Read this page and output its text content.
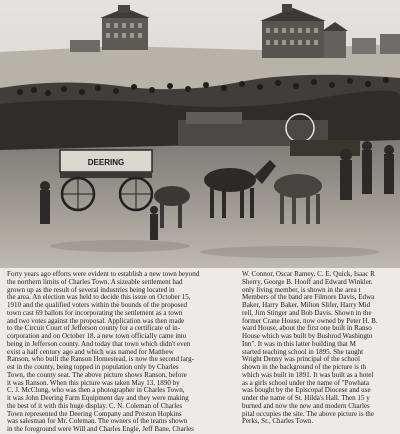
DEERING

Forty years ago efforts were evident to establish a new town beyond

the northern limits of Charles Town. A sizeable settlement had

grown up as the result of several industries being located in

the area. An election was held to decide this issue on October 15,

1910 and the qualified voters within the bounds of the proposed

town cast 69 ballots for incorporating the settlement as a town

and two votes against the proposal. Application was then made

to the Circuit Court of Jefferson county for a certificate of in-

corporation and on October 18, a new town officially came into

being in Jefferson county. And today that town which didn't even

exist a half century ago and which was named for Matthew

Ranson, who built the Ranson Homestead, is now the second larg-

est in the county, being topped in population only by Charles

Town, the county seat. The above picture shows Ranson, before

it was Ranson. When this picture was taken May 13, 1890 by

C. J. McClung, who was then a photographer in Charles Town,

it was John Deering Farm Equipment day and they were making

the best of it with this huge display. C. N. Coleman of Charles

Town represented the Deering Company and Preston Hopkins

was salesman for Mr. Coleman. The owners of the teams shown

in the foreground were Will and Charles Engle, Jeff Bane, Charles

W. Connor, Oscar Ramey, C. E. Quick, Isaac R

Sherry, George B. Hooff and Edward Winkler.

only living member, is shown in the area t

Members of the band are Filmore Davis, Edwa

Baker, Harry Baker, Milton Slifer, Harry Mid

rell, Jim Stinger and Bob Davis. Shown in the

former Crane House, now owned by Peter H. B.

ward House, about the first one built in Ranso

House which was built by Bushrod Washingto

Inn". It was in this latter building that M

started teaching school in 1895. She taught

Wright Denny was principal of the school

shown in the background of the picture is th

which was built in 1891. It was built as a hotel

as a girls school under the name of "Powhata

was bought by the Episcopal Diocese and use

under the name of St. Hilda's Hall. Then 15 y

burned and now the new and modern Charles

pital occupies the site. The above picture is the

Perks, Sr., Charles Town.
